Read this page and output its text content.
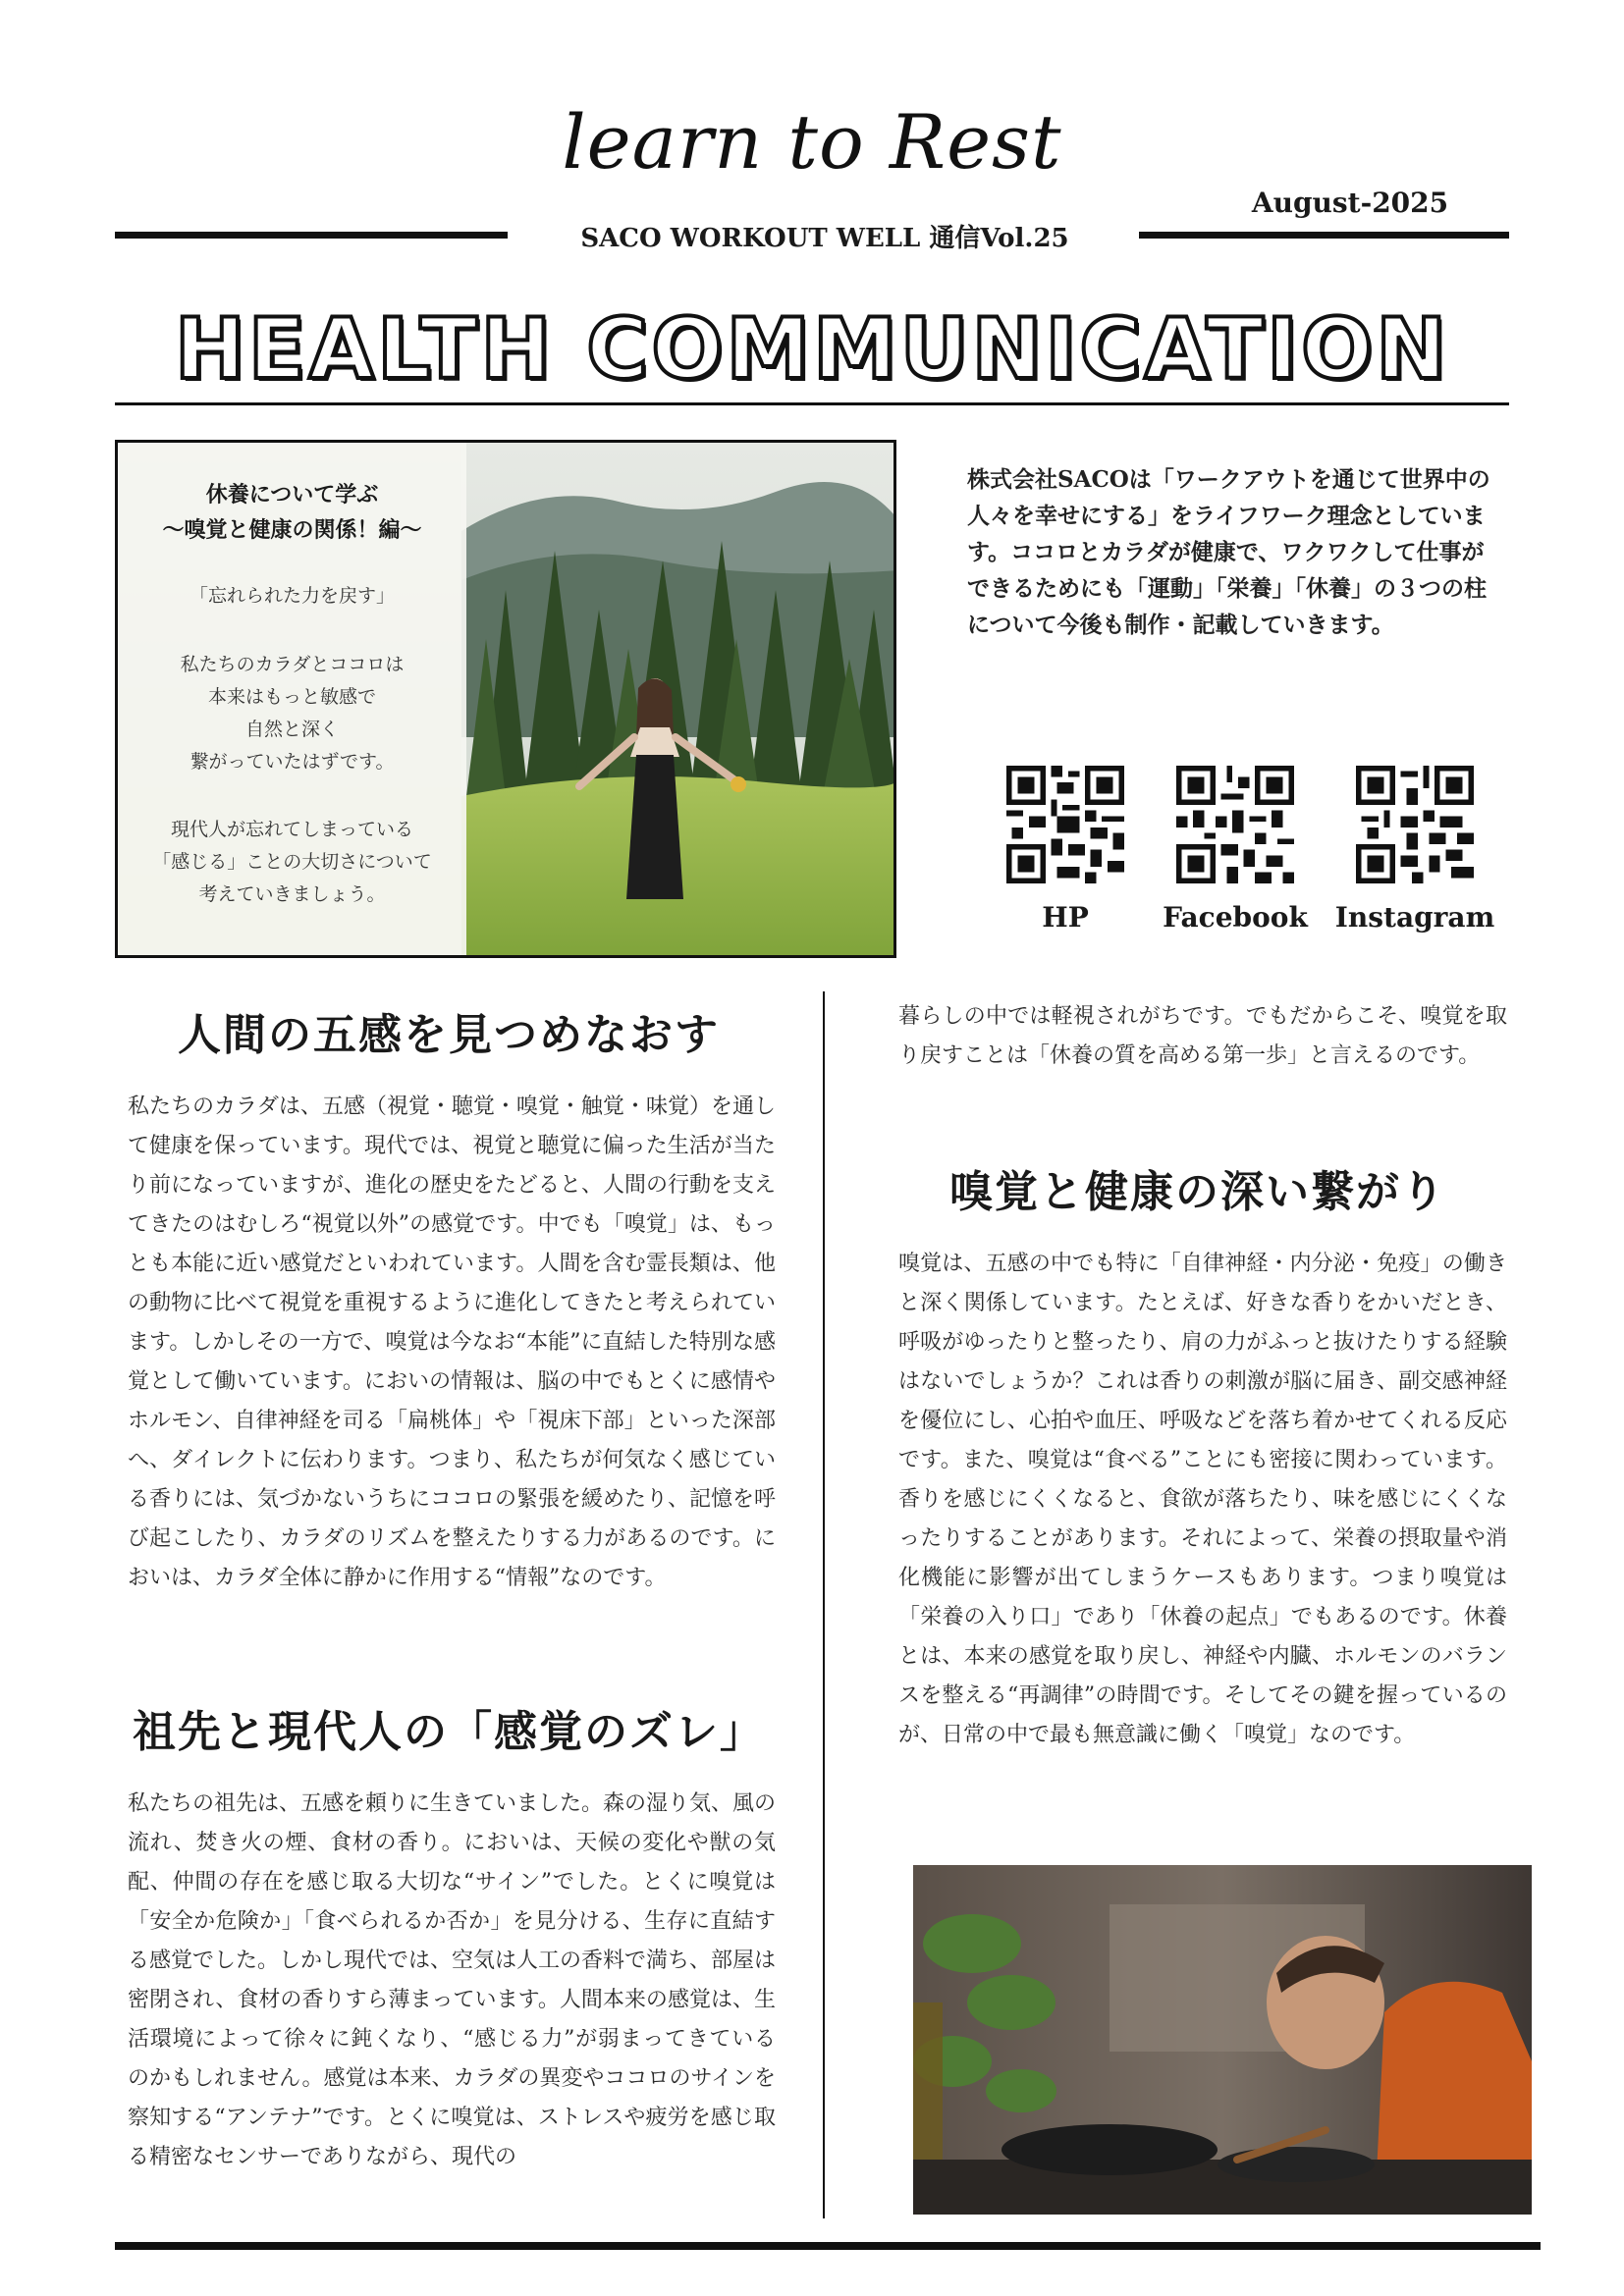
learn to Rest
August-2025
SACO WORKOUT WELL 通信Vol.25
HEALTH COMMUNICATION
休養について学ぶ
〜嗅覚と健康の関係！編〜
「忘れられた力を戻す」
私たちのカラダとココロは
本来はもっと敏感で
自然と深く
繋がっていたはずです。
現代人が忘れてしまっている
「感じる」ことの大切さについて
考えていきましょう。
株式会社SACOは「ワークアウトを通じて世界中の人々を幸せにする」をライフワーク理念としています。ココロとカラダが健康で、ワクワクして仕事ができるためにも「運動」「栄養」「休養」の３つの柱について今後も制作・記載していきます。
HP	Facebook Instagram
人間の五感を見つめなおす
私たちのカラダは、五感（視覚・聴覚・嗅覚・触覚・味覚）を通して健康を保っています。現代では、視覚と聴覚に偏った生活が当たり前になっていますが、進化の歴史をたどると、人間の行動を支えてきたのはむしろ“視覚以外”の感覚です。中でも「嗅覚」は、もっとも本能に近い感覚だといわれています。人間を含む霊長類は、他の動物に比べて視覚を重視するように進化してきたと考えられています。しかしその一方で、嗅覚は今なお“本能”に直結した特別な感覚として働いています。においの情報は、脳の中でもとくに感情やホルモン、自律神経を司る「扁桃体」や「視床下部」といった深部へ、ダイレクトに伝わります。つまり、私たちが何気なく感じている香りには、気づかないうちにココロの緊張を緩めたり、記憶を呼び起こしたり、カラダのリズムを整えたりする力があるのです。においは、カラダ全体に静かに作用する“情報”なのです。
祖先と現代人の「感覚のズレ」
私たちの祖先は、五感を頼りに生きていました。森の湿り気、風の流れ、焚き火の煙、食材の香り。においは、天候の変化や獣の気配、仲間の存在を感じ取る大切な“サイン”でした。とくに嗅覚は「安全か危険か」「食べられるか否か」を見分ける、生存に直結する感覚でした。しかし現代では、空気は人工の香料で満ち、部屋は密閉され、食材の香りすら薄まっています。人間本来の感覚は、生活環境によって徐々に鈍くなり、“感じる力”が弱まってきているのかもしれません。感覚は本来、カラダの異変やココロのサインを察知する“アンテナ”です。とくに嗅覚は、ストレスや疲労を感じ取る精密なセンサーでありながら、現代の
暮らしの中では軽視されがちです。でもだからこそ、嗅覚を取り戻すことは「休養の質を高める第一歩」と言えるのです。
嗅覚と健康の深い繋がり
嗅覚は、五感の中でも特に「自律神経・内分泌・免疫」の働きと深く関係しています。たとえば、好きな香りをかいだとき、呼吸がゆったりと整ったり、肩の力がふっと抜けたりする経験はないでしょうか？これは香りの刺激が脳に届き、副交感神経を優位にし、心拍や血圧、呼吸などを落ち着かせてくれる反応です。また、嗅覚は“食べる”ことにも密接に関わっています。香りを感じにくくなると、食欲が落ちたり、味を感じにくくなったりすることがあります。それによって、栄養の摂取量や消化機能に影響が出てしまうケースもあります。つまり嗅覚は「栄養の入り口」であり「休養の起点」でもあるのです。休養とは、本来の感覚を取り戻し、神経や内臓、ホルモンのバランスを整える“再調律”の時間です。そしてその鍵を握っているのが、日常の中で最も無意識に働く「嗅覚」なのです。
